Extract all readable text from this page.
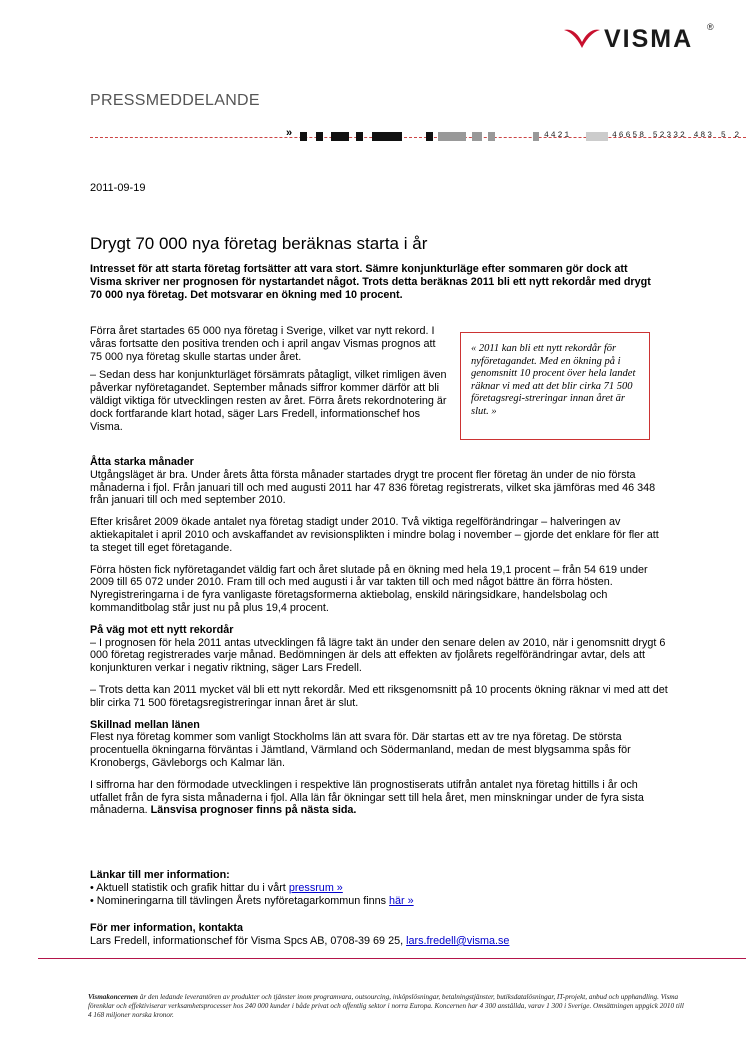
VISMA ®
PRESSMEDDELANDE
»	4421	46658 52332 483 5 2
2011-09-19
Drygt 70 000 nya företag beräknas starta i år

Intresset för att starta företag fortsätter att vara stort. Sämre konjunkturläge efter sommaren gör dock att Visma skriver ner prognosen för nystartandet något. Trots detta beräknas 2011 bli ett nytt rekordår med drygt 70 000 nya företag. Det motsvarar en ökning med 10 procent.

Förra året startades 65 000 nya företag i Sverige, vilket var nytt rekord. I våras fortsatte den positiva trenden och i april angav Vismas prognos att 75 000 nya företag skulle startas under året.

– Sedan dess har konjunkturläget försämrats påtagligt, vilket rimligen även påverkar nyföretagandet. September månads siffror kommer därför att bli väldigt viktiga för utvecklingen resten av året. Förra årets rekordnotering är dock fortfarande klart hotad, säger Lars Fredell, informationschef hos Visma.

« 2011 kan bli ett nytt rekordår för nyföretagandet. Med en ökning på i genomsnitt 10 procent över hela landet räknar vi med att det blir cirka 71 500 företagsregi-streringar innan året är slut. »
Åtta starka månader

Utgångsläget är bra. Under årets åtta första månader startades drygt tre procent fler företag än under de nio första månaderna i fjol. Från januari till och med augusti 2011 har 47 836 företag registrerats, vilket ska jämföras med 46 348 från januari till och med september 2010.

Efter krisåret 2009 ökade antalet nya företag stadigt under 2010. Två viktiga regelförändringar – halveringen av aktiekapitalet i april 2010 och avskaffandet av revisionsplikten i mindre bolag i november – gjorde det enklare för fler att ta steget till eget företagande.

Förra hösten fick nyföretagandet väldig fart och året slutade på en ökning med hela 19,1 procent – från 54 619 under 2009 till 65 072 under 2010. Fram till och med augusti i år var takten till och med något bättre än förra hösten. Nyregistreringarna i de fyra vanligaste företagsformerna aktiebolag, enskild näringsidkare, handelsbolag och kommanditbolag står just nu på plus 19,4 procent.

På väg mot ett nytt rekordår

– I prognosen för hela 2011 antas utvecklingen få lägre takt än under den senare delen av 2010, när i genomsnitt drygt 6 000 företag registrerades varje månad. Bedömningen är dels att effekten av fjolårets regelförändringar avtar, dels att konjunkturen verkar i negativ riktning, säger Lars Fredell.

– Trots detta kan 2011 mycket väl bli ett nytt rekordår. Med ett riksgenomsnitt på 10 procents ökning räknar vi med att det blir cirka 71 500 företagsregistreringar innan året är slut.

Skillnad mellan länen

Flest nya företag kommer som vanligt Stockholms län att svara för. Där startas ett av tre nya företag. De största procentuella ökningarna förväntas i Jämtland, Värmland och Södermanland, medan de mest blygsamma spås för Kronobergs, Gävleborgs och Kalmar län.

I siffrorna har den förmodade utvecklingen i respektive län prognostiserats utifrån antalet nya företag hittills i år och utfallet från de fyra sista månaderna i fjol. Alla län får ökningar sett till hela året, men minskningar under de fyra sista månaderna. Länsvisa prognoser finns på nästa sida.

Länkar till mer information:
• Aktuell statistik och grafik hittar du i vårt pressrum »
• Nomineringarna till tävlingen Årets nyföretagarkommun finns här »
För mer information, kontakta
Lars Fredell, informationschef för Visma Spcs AB, 0708-39 69 25, lars.fredell@visma.se
Vismakoncernen är den ledande leverantören av produkter och tjänster inom programvara, outsourcing, inköpslösningar, betalningstjänster, butiksdatalösningar, IT-projekt, anbud och upphandling. Visma förenklar och effektiviserar verksamhetsprocesser hos 240 000 kunder i både privat och offentlig sektor i norra Europa. Koncernen har 4 300 anställda, varav 1 300 i Sverige. Omsättningen uppgick 2010 till 4 168 miljoner norska kronor.
